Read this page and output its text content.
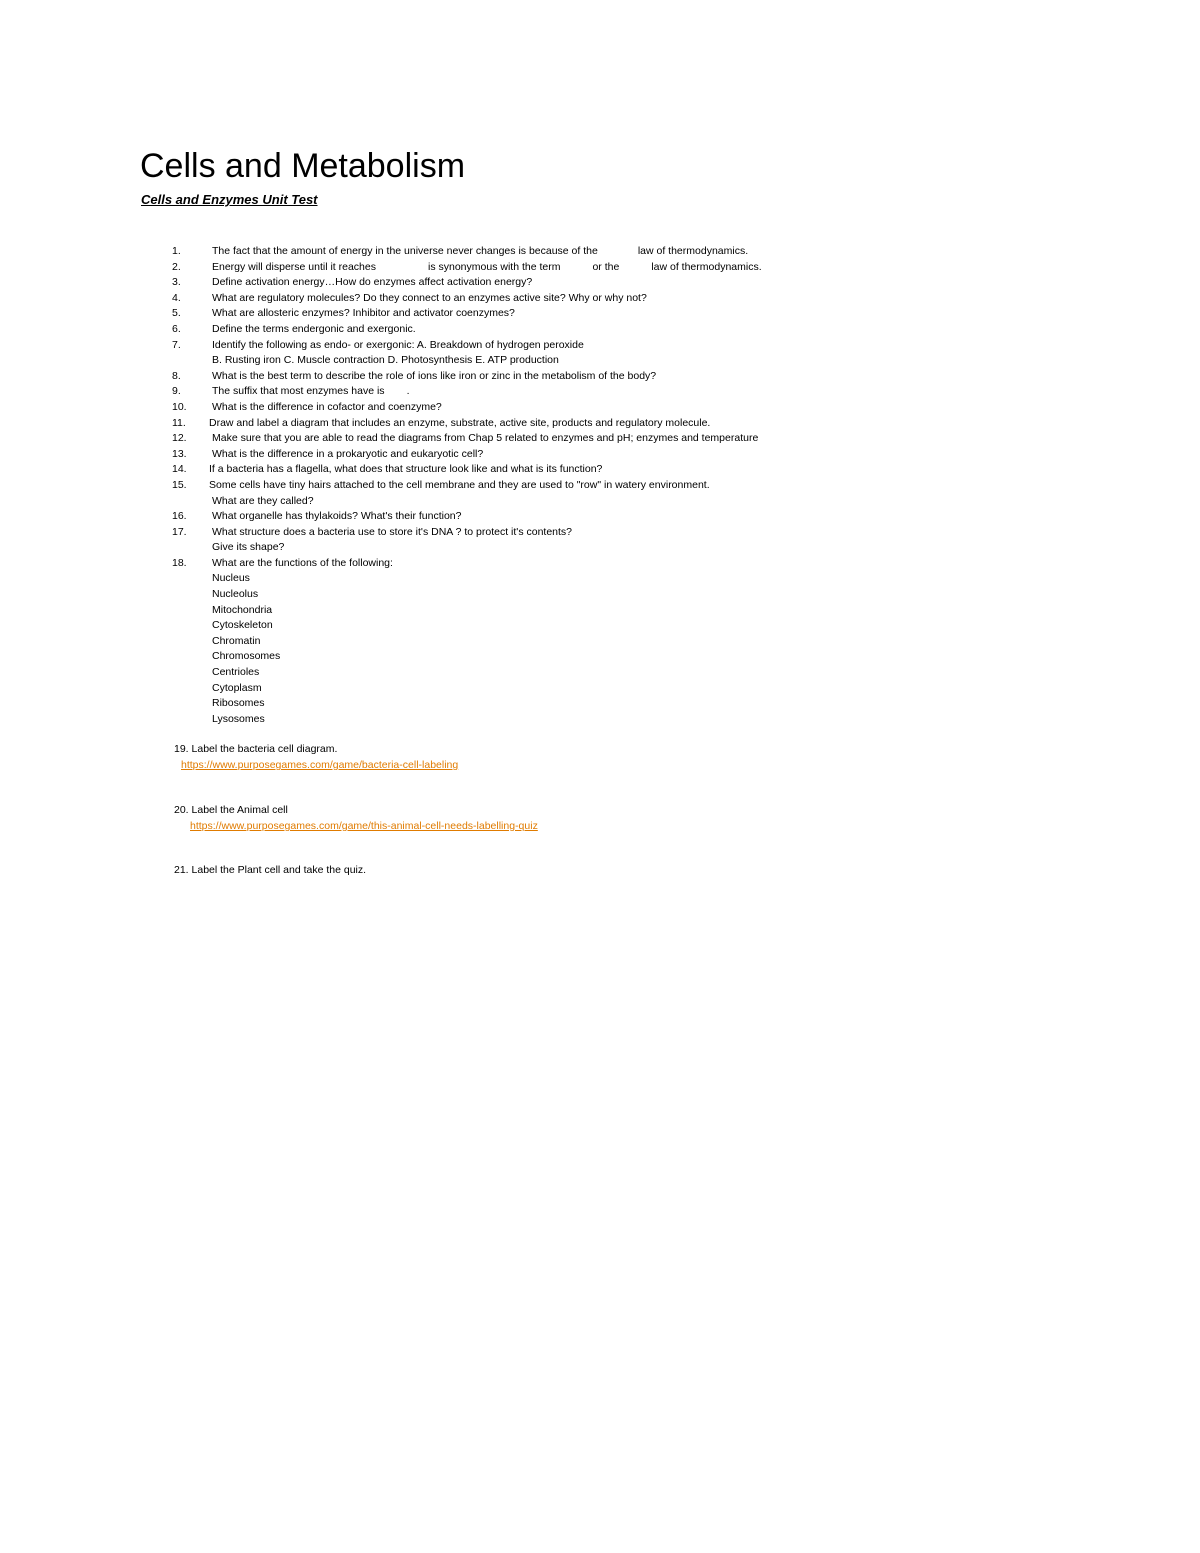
Cells and Metabolism
Cells and Enzymes Unit Test
1.	The fact that the amount of energy in the universe never changes is because of the	law of thermodynamics.
2.	Energy will disperse until it reaches	is synonymous with the term	or the	law of thermodynamics.
3.	Define activation energy…How do enzymes affect activation energy?
4.	What are regulatory molecules? Do they connect to an enzymes active site? Why or why not?
5.	What are allosteric enzymes? Inhibitor and activator coenzymes?
6.	Define the terms endergonic and exergonic.
7.	Identify the following as endo- or exergonic: A. Breakdown of hydrogen peroxide
B. Rusting iron C. Muscle contraction D. Photosynthesis E. ATP production
8.	What is the best term to describe the role of ions like iron or zinc in the metabolism of the body?
9.	The suffix that most enzymes have is .
10. What is the difference in cofactor and coenzyme?
11. Draw and label a diagram that includes an enzyme, substrate, active site, products and regulatory molecule.
12. Make sure that you are able to read the diagrams from Chap 5 related to enzymes and pH; enzymes and temperature
13. What is the difference in a prokaryotic and eukaryotic cell?
14. If a bacteria has a flagella, what does that structure look like and what is its function?
15. Some cells have tiny hairs attached to the cell membrane and they are used to "row" in watery environment.
What are they called?
16. What organelle has thylakoids? What's their function?
17. What structure does a bacteria use to store it's DNA ? to protect it's contents?
Give its shape?
18. What are the functions of the following:
Nucleus
Nucleolus
Mitochondria
Cytoskeleton
Chromatin
Chromosomes
Centrioles
Cytoplasm
Ribosomes
Lysosomes
19. Label the bacteria cell diagram.
https://www.purposegames.com/game/bacteria-cell-labeling
20. Label the Animal cell
https://www.purposegames.com/game/this-animal-cell-needs-labelling-quiz
21. Label the Plant cell and take the quiz.
